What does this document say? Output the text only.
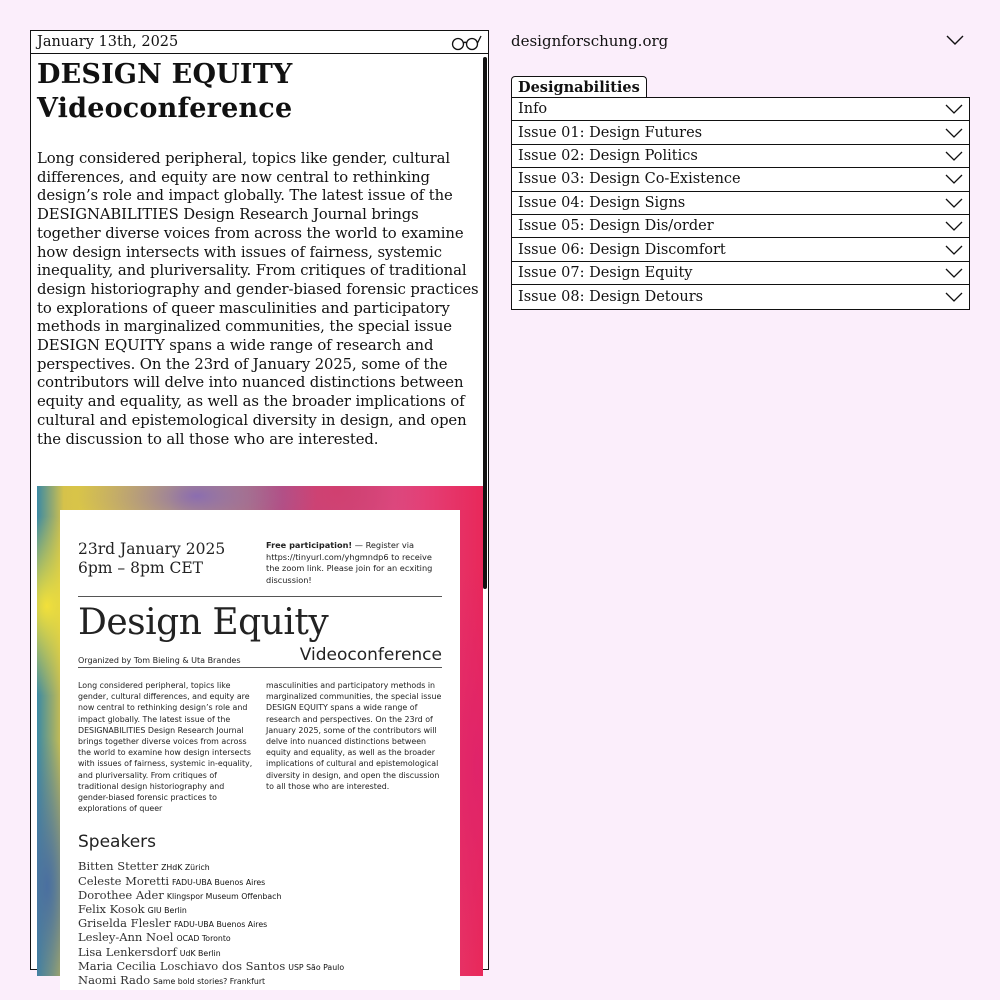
January 13th, 2025
DESIGN EQUITY
Videoconference

Long considered peripheral, topics like gender, cultural differences, and equity are now central to rethinking design’s role and impact globally. The latest issue of the DESIGNABILITIES Design Research Journal brings together diverse voices from across the world to examine how design intersects with issues of fairness, systemic inequality, and pluriversality. From critiques of traditional design historiography and gender-biased forensic practices to explorations of queer masculinities and participatory methods in marginalized communities, the special issue DESIGN EQUITY spans a wide range of research and perspectives. On the 23rd of January 2025, some of the contributors will delve into nuanced distinctions between equity and equality, as well as the broader implications of cultural and epistemological diversity in design, and open the discussion to all those who are interested.

23rd January 2025
6pm – 8pm CET
Free participation! — Register via https://tinyurl.com/yhgmndp6 to receive the zoom link. Please join for an ecxiting discussion!
Design Equity
Organized by Tom Bieling & Uta Brandes	Videoconference
Long considered peripheral, topics like gender, cultural differences, and equity are now central to rethinking design’s role and impact globally. The latest issue of the DESIGNABILITIES Design Research Journal brings together diverse voices from across the world to examine how design intersects with issues of fairness, systemic in-equality, and pluriversality. From critiques of traditional design historiography and gender-biased forensic practices to explorations of queer
masculinities and participatory methods in marginalized communities, the special issue DESIGN EQUITY spans a wide range of research and perspectives. On the 23rd of January 2025, some of the contributors will delve into nuanced distinctions between equity and equality, as well as the broader implications of cultural and epistemological diversity in design, and open the discussion to all those who are interested.
Speakers
Bitten Stetter ZHdK Zürich
Celeste Moretti FADU-UBA Buenos Aires
Dorothee Ader Klingspor Museum Offenbach
Felix Kosok GIU Berlin
Griselda Flesler FADU-UBA Buenos Aires
Lesley-Ann Noel OCAD Toronto
Lisa Lenkersdorf UdK Berlin
Maria Cecilia Loschiavo dos Santos USP São Paulo
Naomi Rado Same bold stories? Frankfurt
designforschung.org
Designabilities
Info
Issue 01: Design Futures
Issue 02: Design Politics
Issue 03: Design Co-Existence
Issue 04: Design Signs
Issue 05: Design Dis/order
Issue 06: Design Discomfort
Issue 07: Design Equity
Issue 08: Design Detours
